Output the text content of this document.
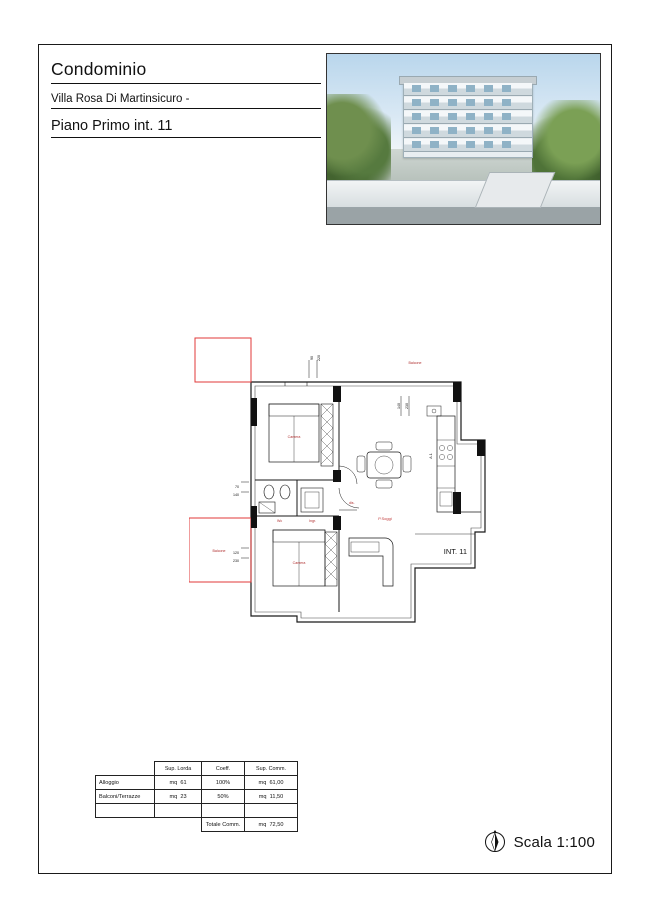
Condominio
Villa Rosa Di Martinsicuro -
Piano Primo int. 11
Balcone
Camera
Camera
Wc	Ingr.
dis.
Balcone
P.Soggi
70
140
120
230
90 220
140 230
A.1
INT. 11
	Sup. Lorda	Coeff.	Sup. Comm.
Alloggio	mq 61	100%	mq 61,00
Balconi/Terrazze	mq 23	50%	mq 11,50

		Totale Comm.	mq 72,50
Scala 1:100
